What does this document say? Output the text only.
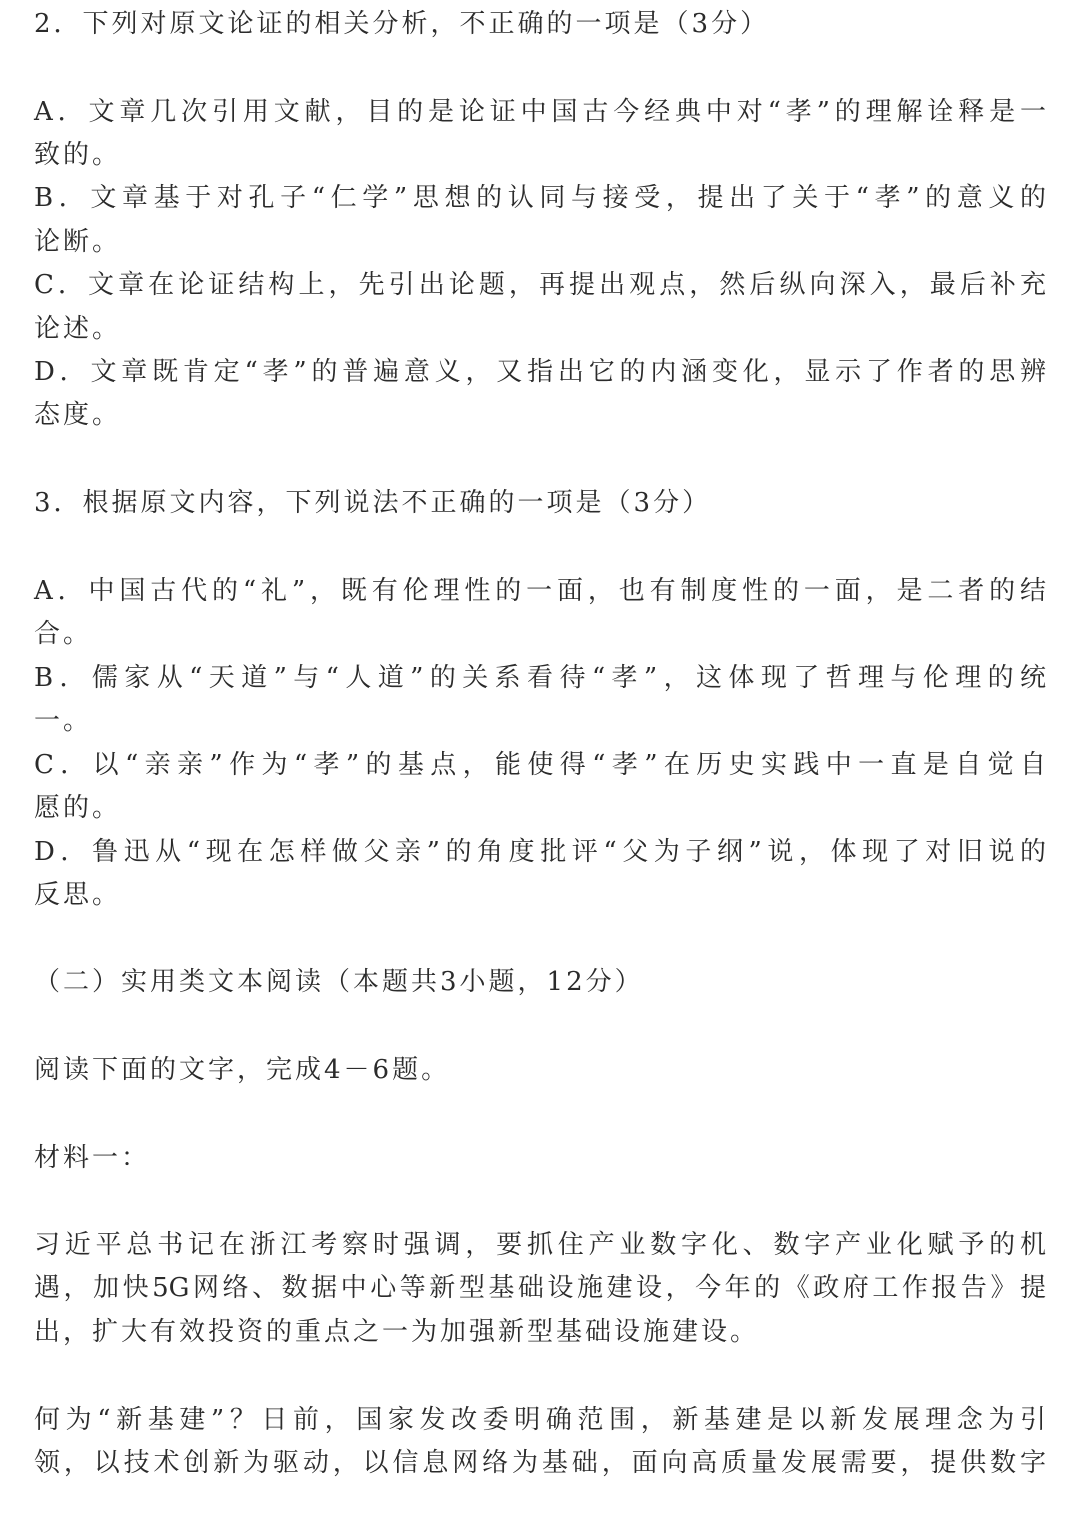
2．下列对原文论证的相关分析，不正确的一项是（3分）
A．文章几次引用文献，目的是论证中国古今经典中对“孝”的理解诠释是一
致的。
B．文章基于对孔子“仁学”思想的认同与接受，提出了关于“孝”的意义的
论断。
C．文章在论证结构上，先引出论题，再提出观点，然后纵向深入，最后补充
论述。
D．文章既肯定“孝”的普遍意义，又指出它的内涵变化，显示了作者的思辨
态度。
3．根据原文内容，下列说法不正确的一项是（3分）
A．中国古代的“礼”，既有伦理性的一面，也有制度性的一面，是二者的结
合。
B．儒家从“天道”与“人道”的关系看待“孝”，这体现了哲理与伦理的统
一。
C．以“亲亲”作为“孝”的基点，能使得“孝”在历史实践中一直是自觉自
愿的。
D．鲁迅从“现在怎样做父亲”的角度批评“父为子纲”说，体现了对旧说的
反思。
（二）实用类文本阅读（本题共3小题，12分）
阅读下面的文字，完成4－6题。
材料一：
习近平总书记在浙江考察时强调，要抓住产业数字化、数字产业化赋予的机
遇，加快5G网络、数据中心等新型基础设施建设，今年的《政府工作报告》提
出，扩大有效投资的重点之一为加强新型基础设施建设。
何为“新基建”？日前，国家发改委明确范围，新基建是以新发展理念为引
领，以技术创新为驱动，以信息网络为基础，面向高质量发展需要，提供数字
